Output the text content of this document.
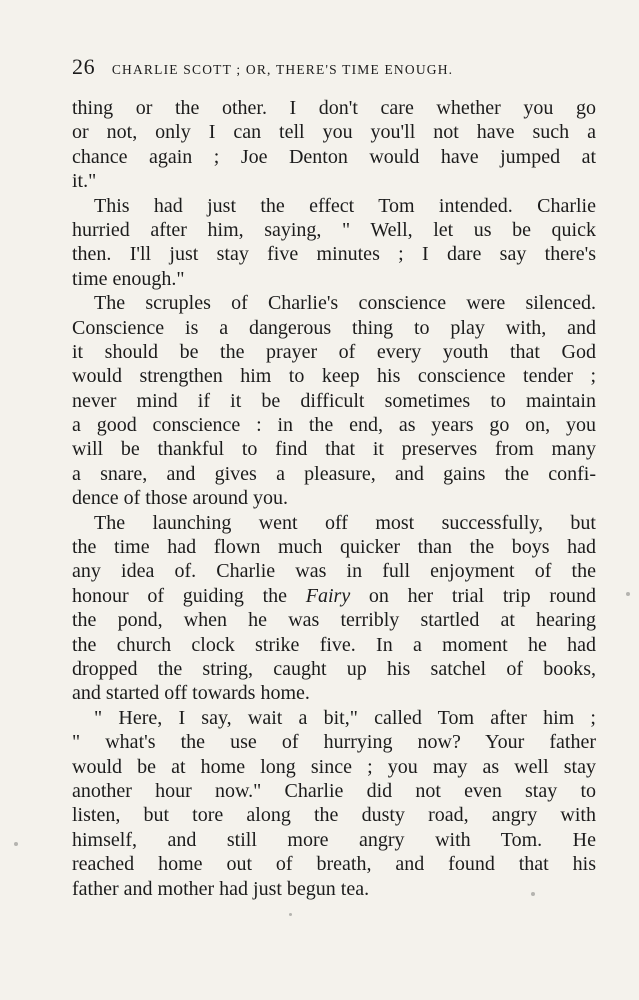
26 CHARLIE SCOTT ; OR, THERE'S TIME ENOUGH.
thing or the other. I don't care whether you go
or not, only I can tell you you'll not have such a
chance again ; Joe Denton would have jumped at
it."
This had just the effect Tom intended. Charlie
hurried after him, saying, " Well, let us be quick
then. I'll just stay five minutes ; I dare say there's
time enough."
The scruples of Charlie's conscience were silenced.
Conscience is a dangerous thing to play with, and
it should be the prayer of every youth that God
would strengthen him to keep his conscience tender ;
never mind if it be difficult sometimes to maintain
a good conscience : in the end, as years go on, you
will be thankful to find that it preserves from many
a snare, and gives a pleasure, and gains the confi-
dence of those around you.
The launching went off most successfully, but
the time had flown much quicker than the boys had
any idea of. Charlie was in full enjoyment of the
honour of guiding the Fairy on her trial trip round
the pond, when he was terribly startled at hearing
the church clock strike five. In a moment he had
dropped the string, caught up his satchel of books,
and started off towards home.
" Here, I say, wait a bit," called Tom after him ;
" what's the use of hurrying now? Your father
would be at home long since ; you may as well stay
another hour now." Charlie did not even stay to
listen, but tore along the dusty road, angry with
himself, and still more angry with Tom. He
reached home out of breath, and found that his
father and mother had just begun tea.
